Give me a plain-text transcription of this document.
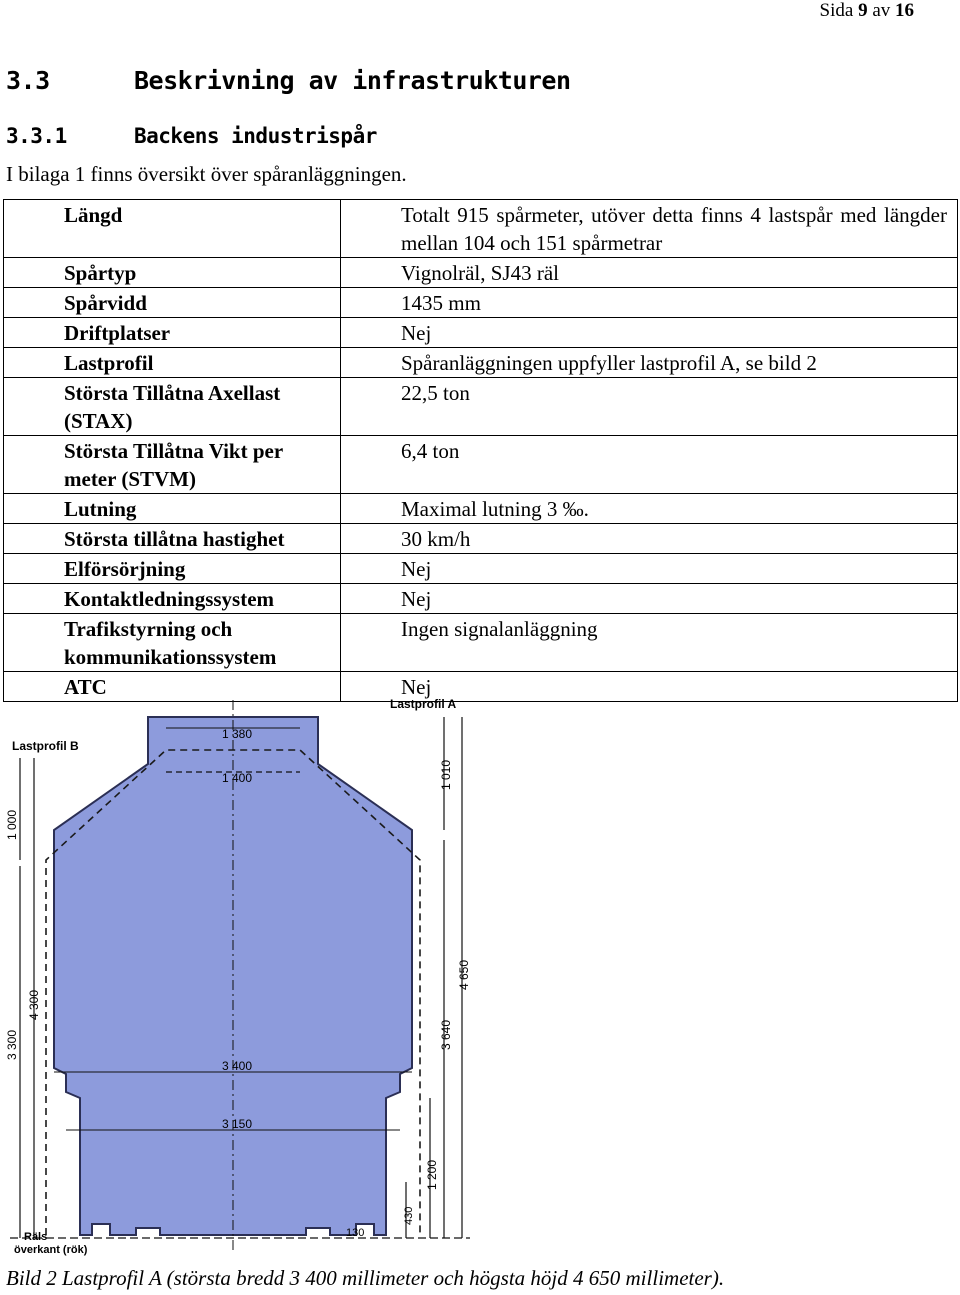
Sida 9 av 16
3.3	Beskrivning av infrastrukturen
3.3.1	Backens industrispår
I bilaga 1 finns översikt över spåranläggningen.
Längd	Totalt 915 spårmeter, utöver detta finns 4 lastspår med längder mellan 104 och 151 spårmetrar
Spårtyp	Vignolräl, SJ43 räl
Spårvidd	1435 mm
Driftplatser	Nej
Lastprofil	Spåranläggningen uppfyller lastprofil A, se bild 2
Största Tillåtna Axellast (STAX)	22,5 ton
Största Tillåtna Vikt per meter (STVM)	6,4 ton
Lutning	Maximal lutning 3 ‰.
Största tillåtna hastighet	30 km/h
Elförsörjning	Nej
Kontaktledningssystem	Nej
Trafikstyrning och kommunikationssystem	Ingen signalanläggning
ATC	Nej
Lastprofil A
Lastprofil B
1 380
1 400
3 400
3 150
1 000
4 300
3 300
1 010
4 650
3 640
1 200
430
130
Räls
överkant (rök)
Bild 2 Lastprofil A (största bredd 3 400 millimeter och högsta höjd 4 650 millimeter).
